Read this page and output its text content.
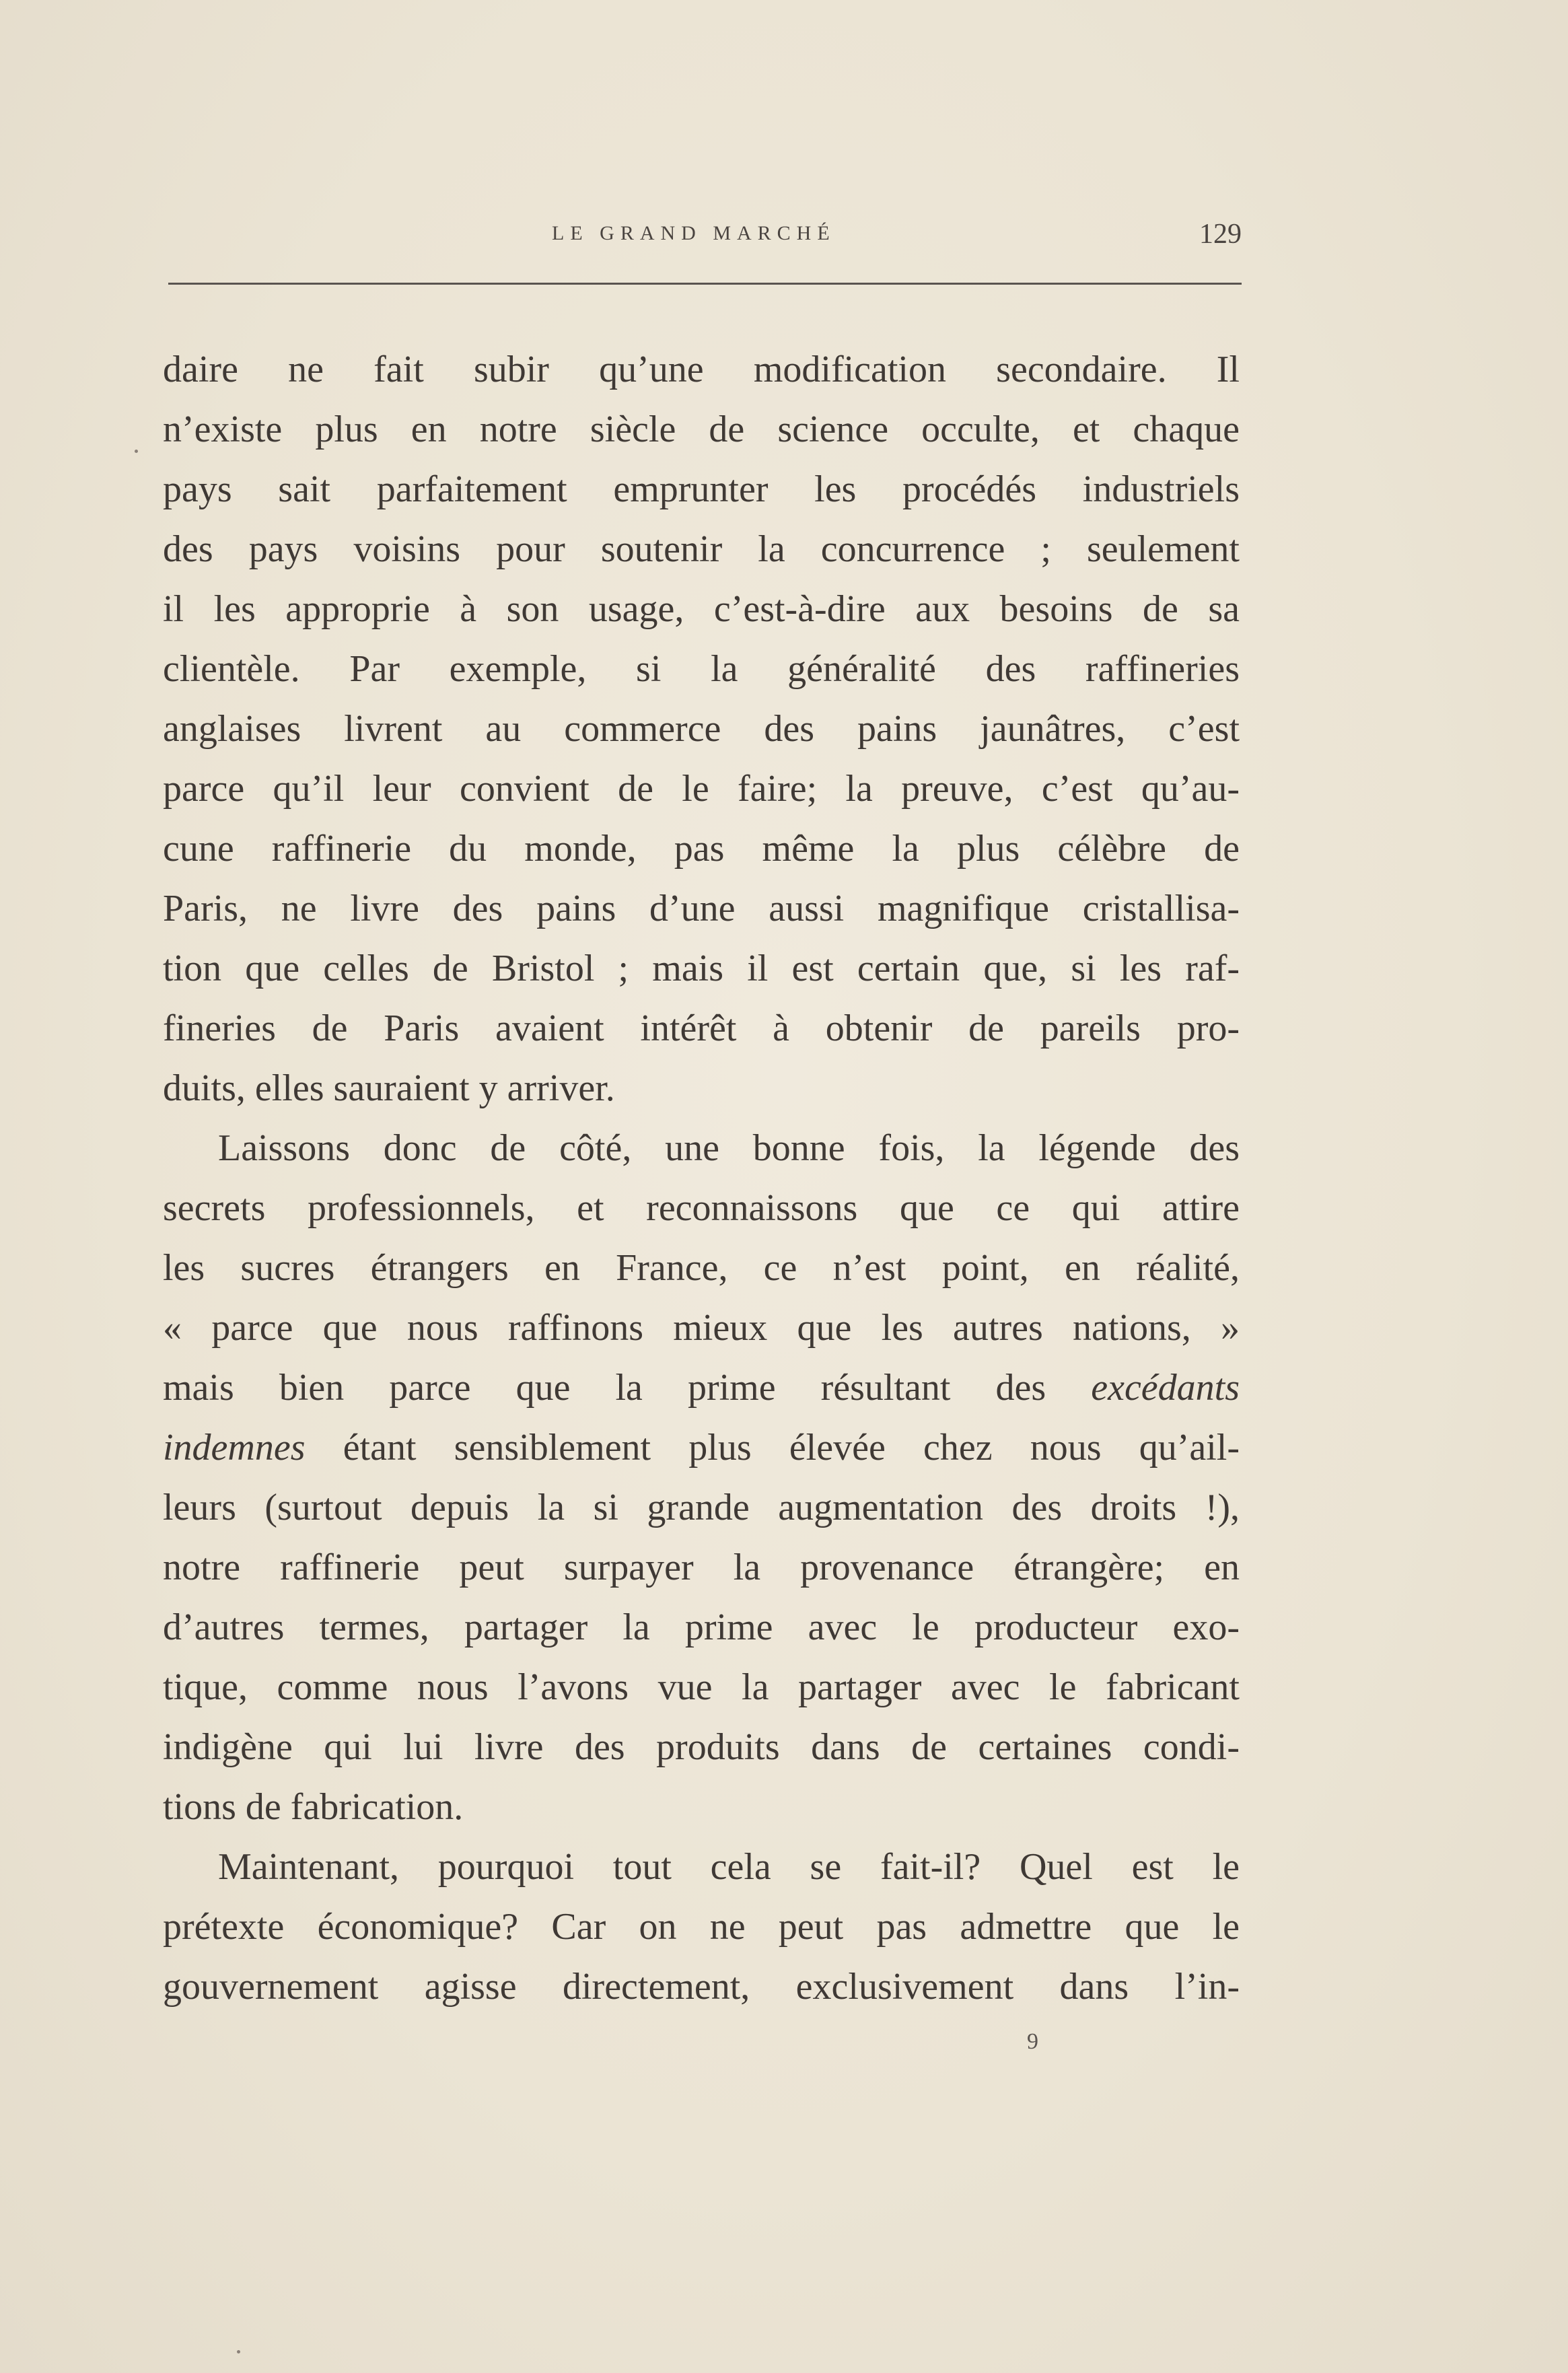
LE GRAND MARCHÉ	129
daire ne fait subir qu’une modification secondaire. Il
n’existe plus en notre siècle de science occulte, et chaque
pays sait parfaitement emprunter les procédés industriels
des pays voisins pour soutenir la concurrence ; seulement
il les approprie à son usage, c’est-à-dire aux besoins de sa
clientèle. Par exemple, si la généralité des raffineries
anglaises livrent au commerce des pains jaunâtres, c’est
parce qu’il leur convient de le faire; la preuve, c’est qu’au-
cune raffinerie du monde, pas même la plus célèbre de
Paris, ne livre des pains d’une aussi magnifique cristallisa-
tion que celles de Bristol ; mais il est certain que, si les raf-
fineries de Paris avaient intérêt à obtenir de pareils pro-
duits, elles sauraient y arriver.
Laissons donc de côté, une bonne fois, la légende des
secrets professionnels, et reconnaissons que ce qui attire
les sucres étrangers en France, ce n’est point, en réalité,
« parce que nous raffinons mieux que les autres nations, »
mais bien parce que la prime résultant des excédants
indemnes étant sensiblement plus élevée chez nous qu’ail-
leurs (surtout depuis la si grande augmentation des droits !),
notre raffinerie peut surpayer la provenance étrangère; en
d’autres termes, partager la prime avec le producteur exo-
tique, comme nous l’avons vue la partager avec le fabricant
indigène qui lui livre des produits dans de certaines condi-
tions de fabrication.
Maintenant, pourquoi tout cela se fait-il? Quel est le
prétexte économique? Car on ne peut pas admettre que le
gouvernement agisse directement, exclusivement dans l’in-
9
